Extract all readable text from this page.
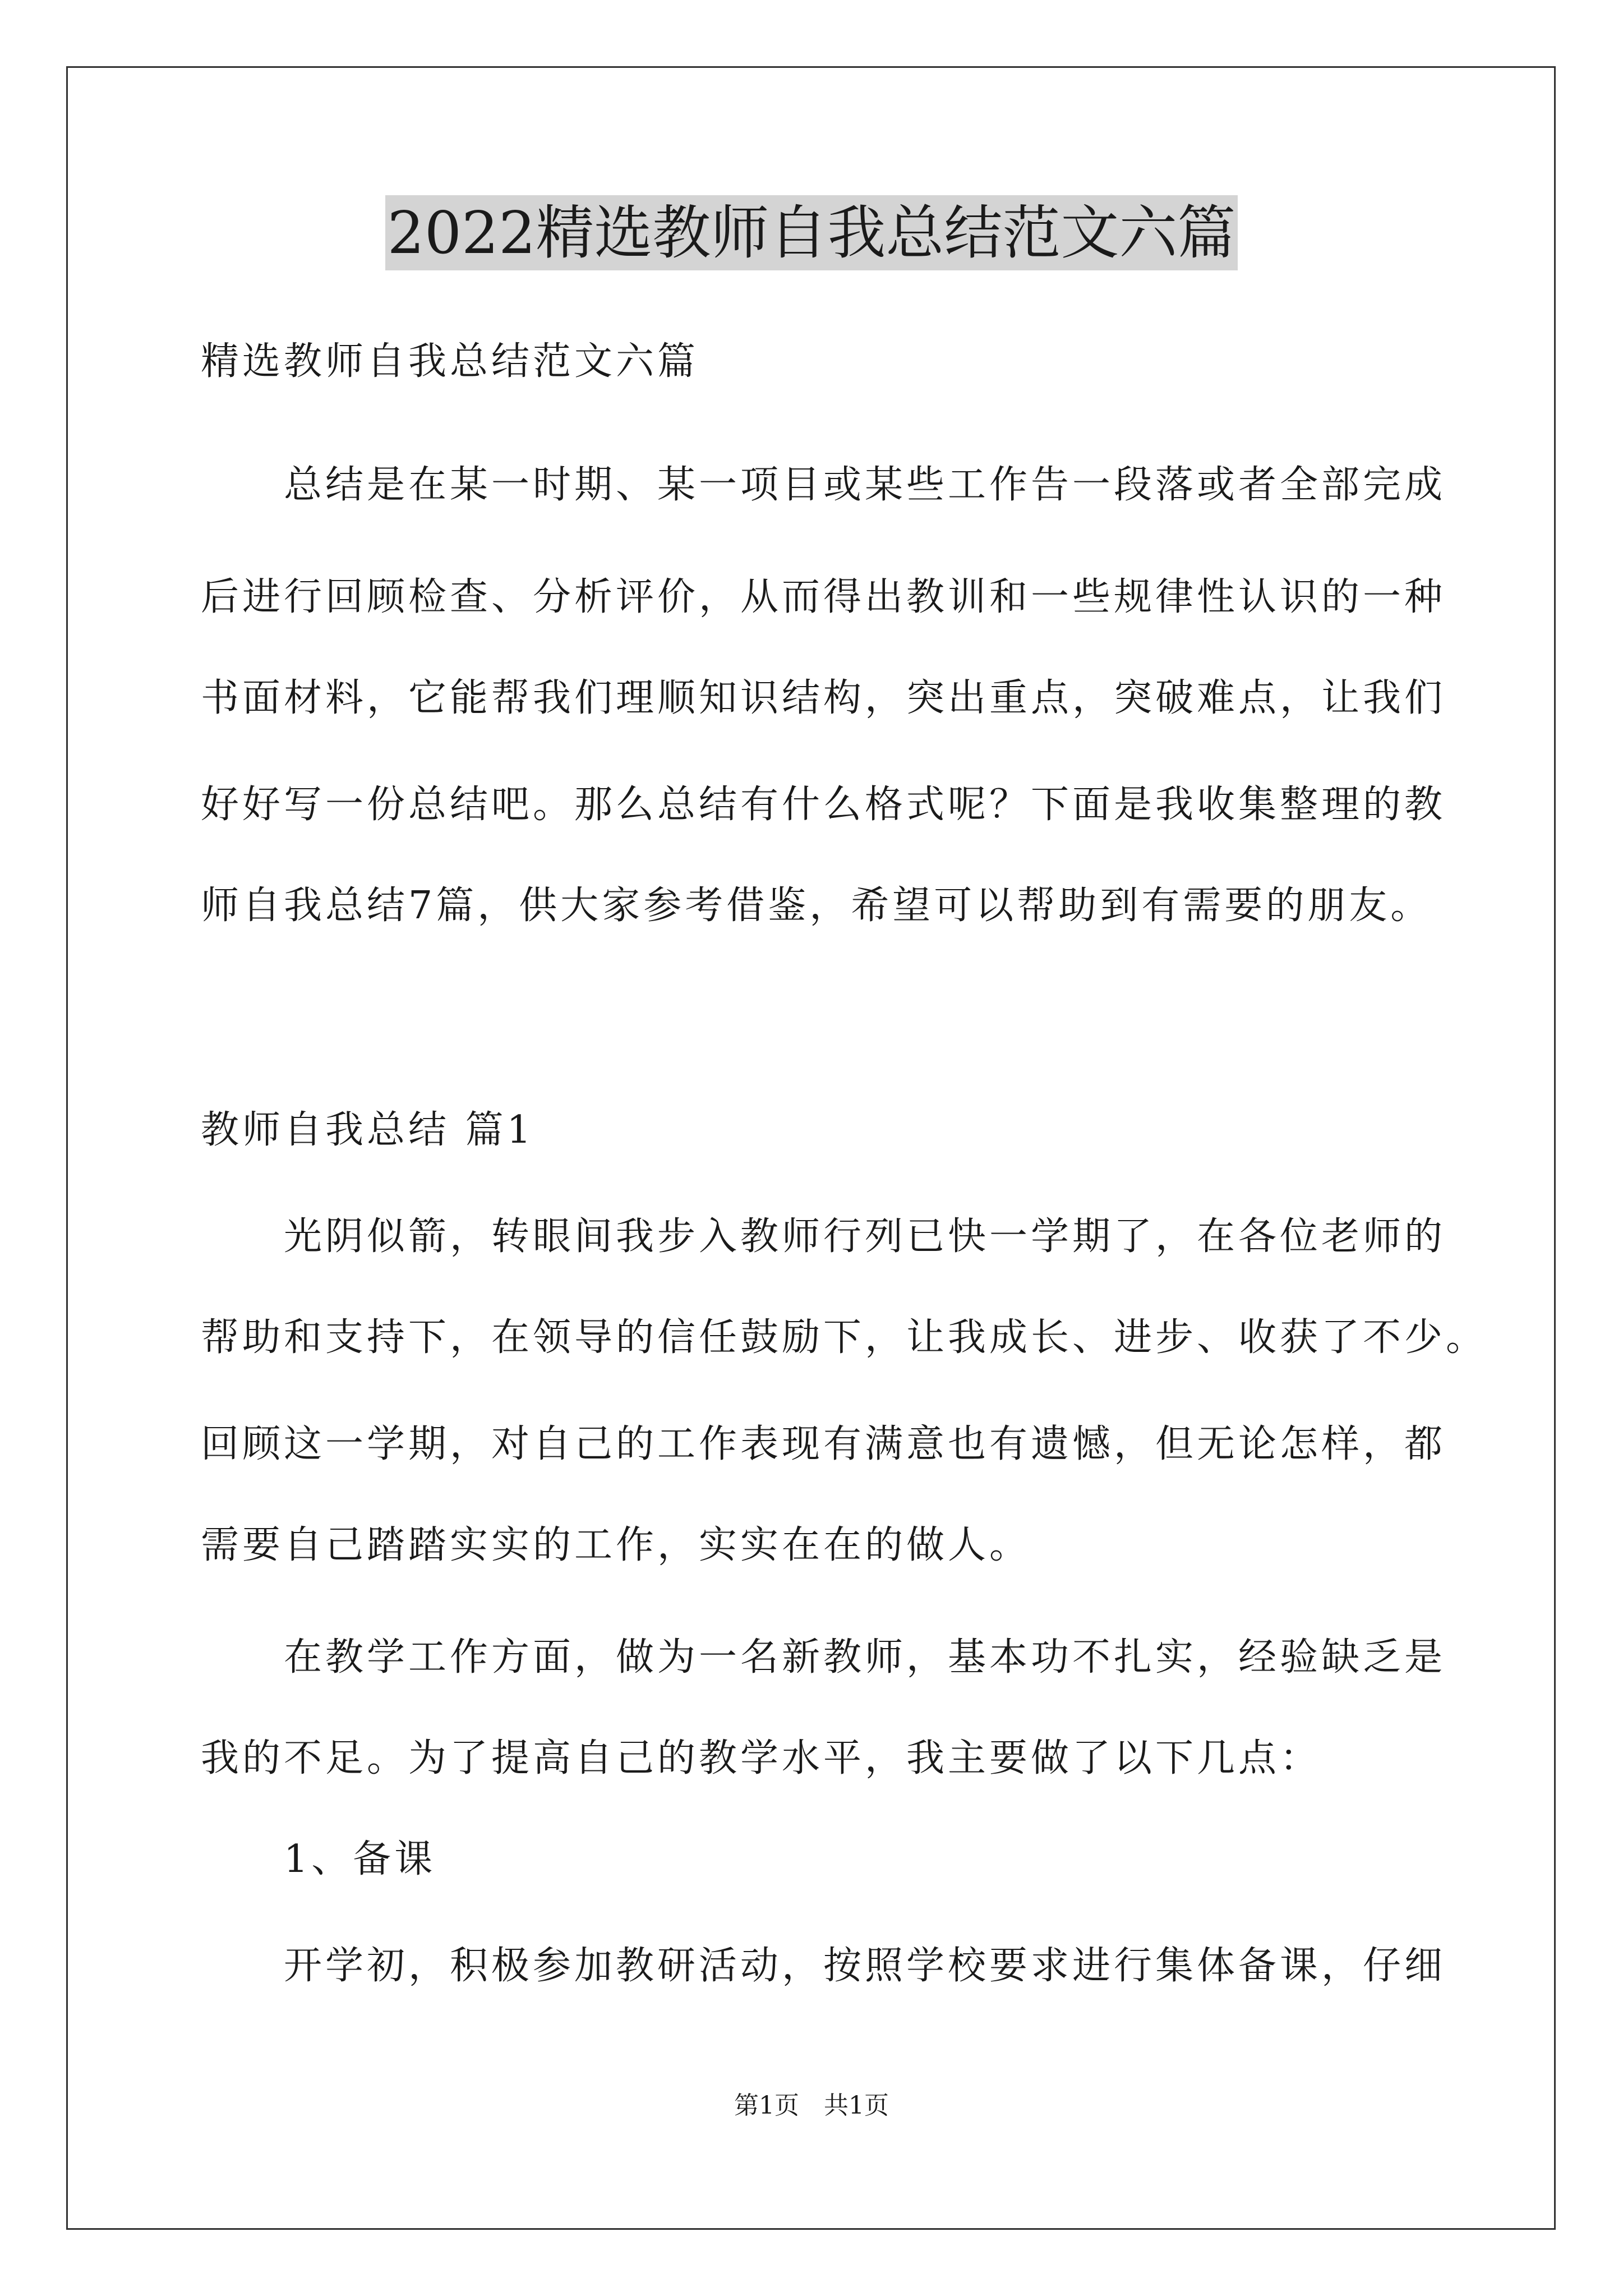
2022精选教师自我总结范文六篇

精选教师自我总结范文六篇

　　总结是在某一时期、某一项目或某些工作告一段落或者全部完成

后进行回顾检查、分析评价，从而得出教训和一些规律性认识的一种

书面材料，它能帮我们理顺知识结构，突出重点，突破难点，让我们

好好写一份总结吧。那么总结有什么格式呢？下面是我收集整理的教

师自我总结7篇，供大家参考借鉴，希望可以帮助到有需要的朋友。

教师自我总结 篇1

　　光阴似箭，转眼间我步入教师行列已快一学期了，在各位老师的

帮助和支持下，在领导的信任鼓励下，让我成长、进步、收获了不少。

回顾这一学期，对自己的工作表现有满意也有遗憾，但无论怎样，都

需要自己踏踏实实的工作，实实在在的做人。

　　在教学工作方面，做为一名新教师，基本功不扎实，经验缺乏是

我的不足。为了提高自己的教学水平，我主要做了以下几点：

　　1、备课

　　开学初，积极参加教研活动，按照学校要求进行集体备课，仔细

第1页　共1页
